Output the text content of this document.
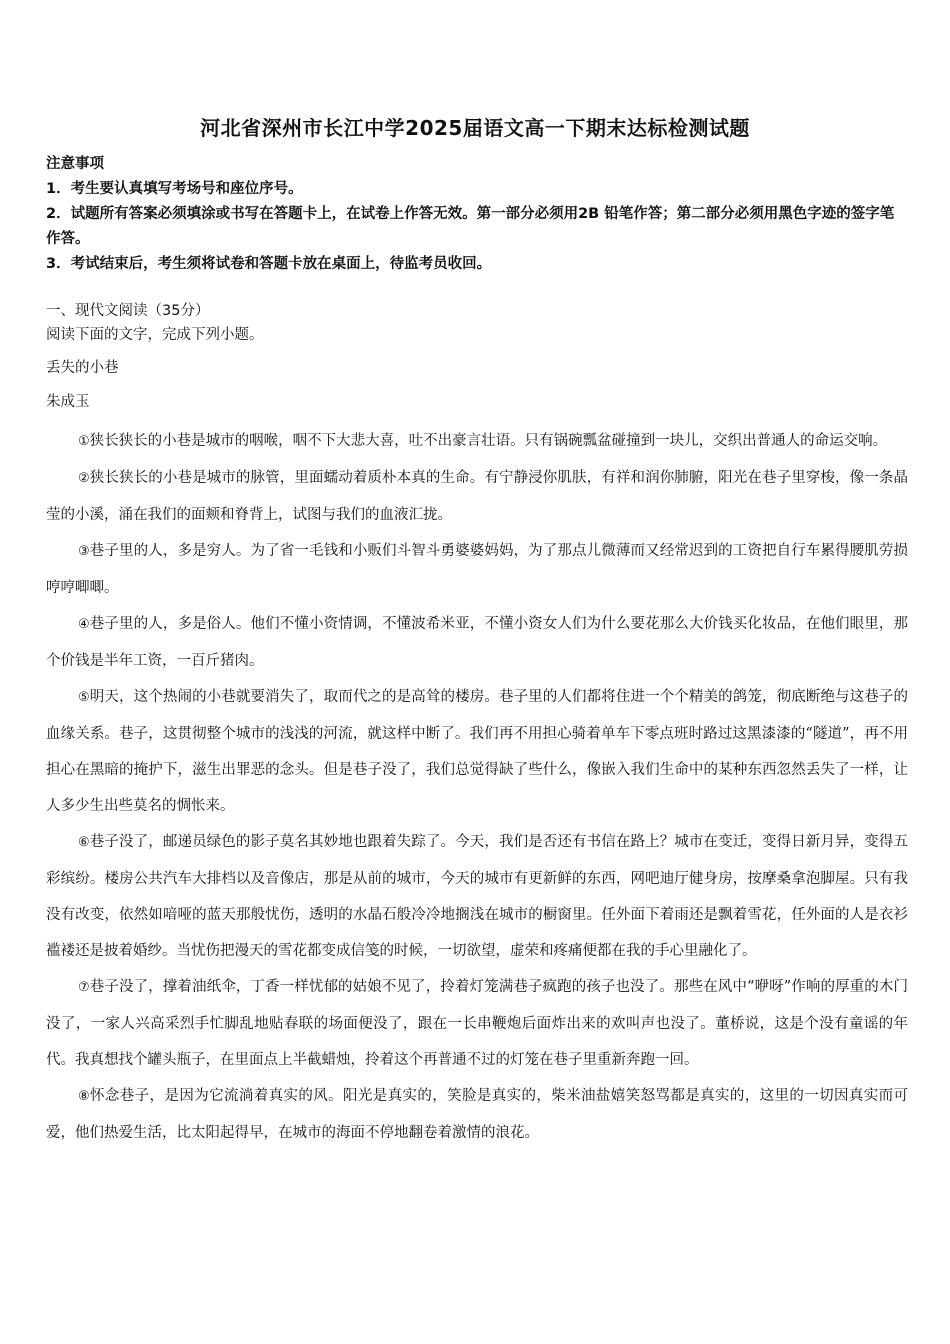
河北省深州市长江中学2025届语文高一下期末达标检测试题

注意事项

1．考生要认真填写考场号和座位序号。

2．试题所有答案必须填涂或书写在答题卡上，在试卷上作答无效。第一部分必须用2B 铅笔作答；第二部分必须用黑色字迹的签字笔作答。

3．考试结束后，考生须将试卷和答题卡放在桌面上，待监考员收回。

一、现代文阅读（35分）
阅读下面的文字，完成下列小题。
丢失的小巷
朱成玉

①狭长狭长的小巷是城市的咽喉，咽不下大悲大喜，吐不出豪言壮语。只有锅碗瓢盆碰撞到一块儿，交织出普通人的命运交响。

②狭长狭长的小巷是城市的脉管，里面蠕动着质朴本真的生命。有宁静浸你肌肤，有祥和润你肺腑，阳光在巷子里穿梭，像一条晶莹的小溪，涌在我们的面颊和脊背上，试图与我们的血液汇拢。

③巷子里的人，多是穷人。为了省一毛钱和小贩们斗智斗勇婆婆妈妈，为了那点儿微薄而又经常迟到的工资把自行车累得腰肌劳损哼哼唧唧。

④巷子里的人，多是俗人。他们不懂小资情调，不懂波希米亚，不懂小资女人们为什么要花那么大价钱买化妆品，在他们眼里，那个价钱是半年工资，一百斤猪肉。

⑤明天，这个热闹的小巷就要消失了，取而代之的是高耸的楼房。巷子里的人们都将住进一个个精美的鸽笼，彻底断绝与这巷子的血缘关系。巷子，这贯彻整个城市的浅浅的河流，就这样中断了。我们再不用担心骑着单车下零点班时路过这黑漆漆的“隧道”，再不用担心在黑暗的掩护下，滋生出罪恶的念头。但是巷子没了，我们总觉得缺了些什么，像嵌入我们生命中的某种东西忽然丢失了一样，让人多少生出些莫名的惆怅来。

⑥巷子没了，邮递员绿色的影子莫名其妙地也跟着失踪了。今天，我们是否还有书信在路上？城市在变迁，变得日新月异，变得五彩缤纷。楼房公共汽车大排档以及音像店，那是从前的城市，今天的城市有更新鲜的东西，网吧迪厅健身房，按摩桑拿泡脚屋。只有我没有改变，依然如喑哑的蓝天那般忧伤，透明的水晶石般冷冷地搁浅在城市的橱窗里。任外面下着雨还是飘着雪花，任外面的人是衣衫褴褛还是披着婚纱。当忧伤把漫天的雪花都变成信笺的时候，一切欲望，虚荣和疼痛便都在我的手心里融化了。

⑦巷子没了，撑着油纸伞，丁香一样忧郁的姑娘不见了，拎着灯笼满巷子疯跑的孩子也没了。那些在风中“咿呀”作响的厚重的木门没了，一家人兴高采烈手忙脚乱地贴春联的场面便没了，跟在一长串鞭炮后面炸出来的欢叫声也没了。董桥说，这是个没有童谣的年代。我真想找个罐头瓶子，在里面点上半截蜡烛，拎着这个再普通不过的灯笼在巷子里重新奔跑一回。

⑧怀念巷子，是因为它流淌着真实的风。阳光是真实的，笑脸是真实的，柴米油盐嬉笑怒骂都是真实的，这里的一切因真实而可爱，他们热爱生活，比太阳起得早，在城市的海面不停地翻卷着激情的浪花。
